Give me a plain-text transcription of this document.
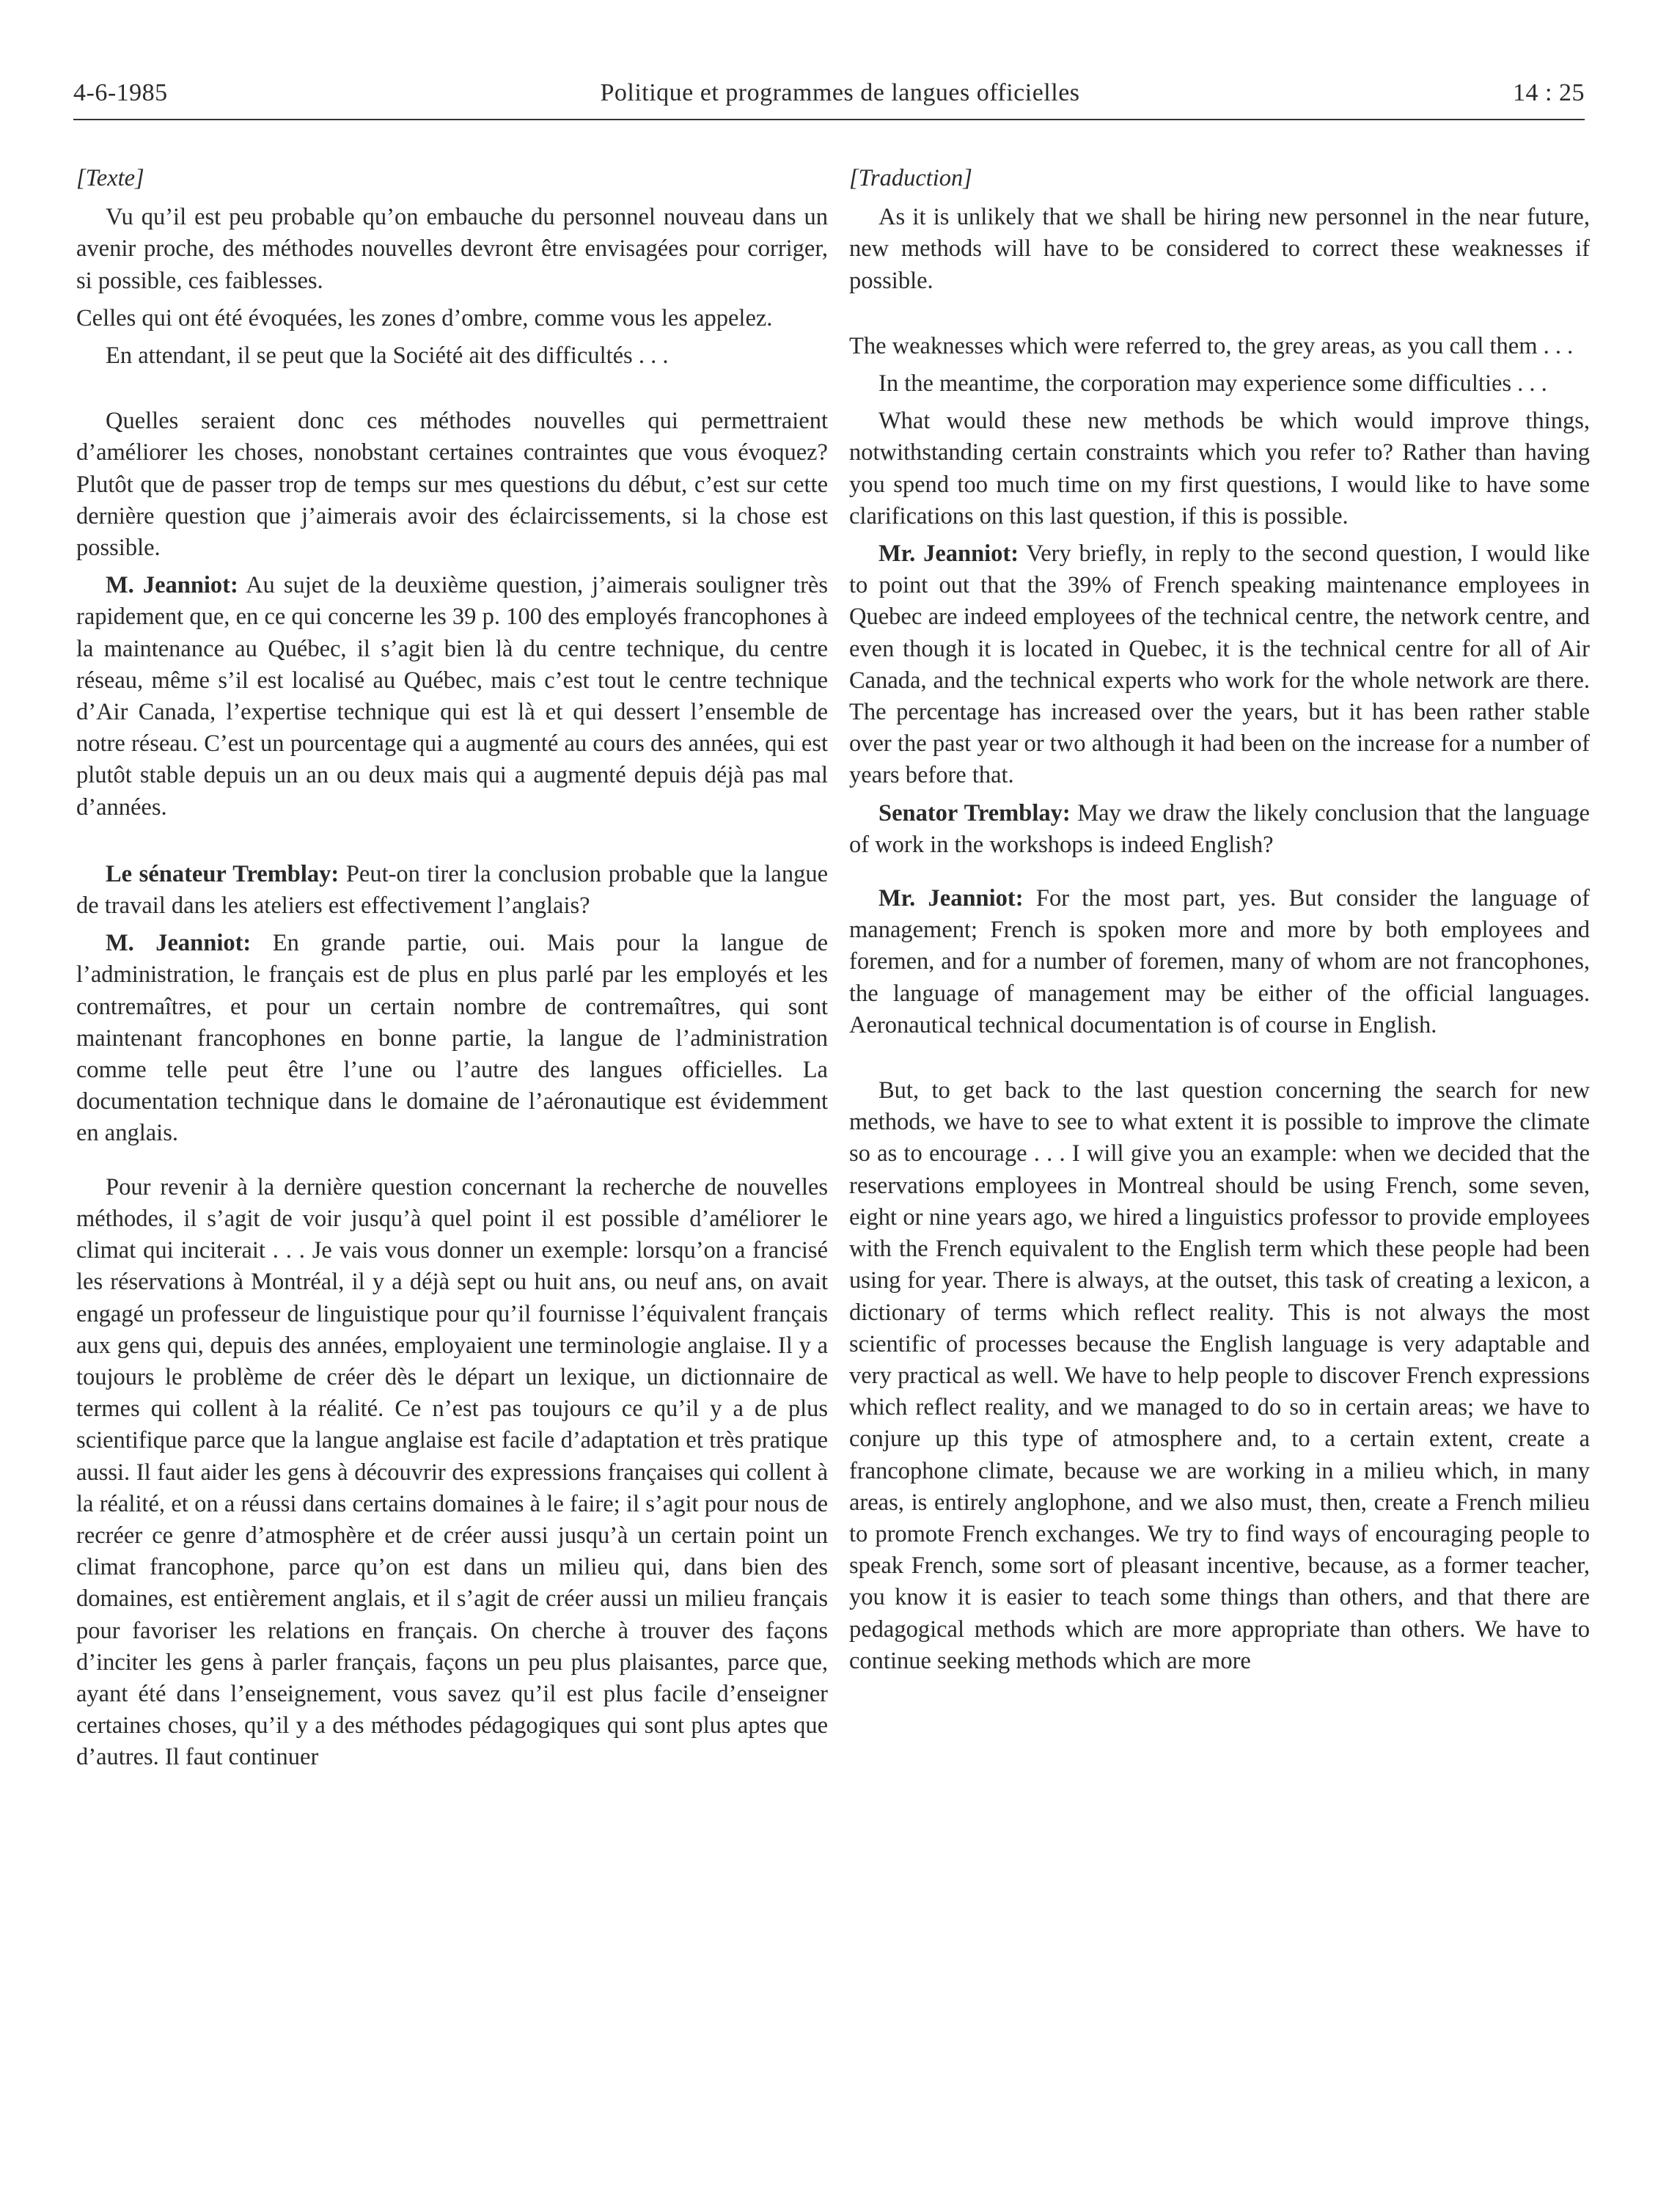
4-6-1985	Politique et programmes de langues officielles	14 : 25

[Texte]

Vu qu’il est peu probable qu’on embauche du personnel nouveau dans un avenir proche, des méthodes nouvelles devront être envisagées pour corriger, si possible, ces faiblesses.

Celles qui ont été évoquées, les zones d’ombre, comme vous les appelez.

En attendant, il se peut que la Société ait des difficultés . . .

Quelles seraient donc ces méthodes nouvelles qui permettraient d’améliorer les choses, nonobstant certaines contraintes que vous évoquez? Plutôt que de passer trop de temps sur mes questions du début, c’est sur cette dernière question que j’aimerais avoir des éclaircissements, si la chose est possible.

M. Jeanniot: Au sujet de la deuxième question, j’aimerais souligner très rapidement que, en ce qui concerne les 39 p. 100 des employés francophones à la maintenance au Québec, il s’agit bien là du centre technique, du centre réseau, même s’il est localisé au Québec, mais c’est tout le centre technique d’Air Canada, l’expertise technique qui est là et qui dessert l’ensemble de notre réseau. C’est un pourcentage qui a augmenté au cours des années, qui est plutôt stable depuis un an ou deux mais qui a augmenté depuis déjà pas mal d’années.

Le sénateur Tremblay: Peut-on tirer la conclusion probable que la langue de travail dans les ateliers est effectivement l’anglais?

M. Jeanniot: En grande partie, oui. Mais pour la langue de l’administration, le français est de plus en plus parlé par les employés et les contremaîtres, et pour un certain nombre de contremaîtres, qui sont maintenant francophones en bonne partie, la langue de l’administration comme telle peut être l’une ou l’autre des langues officielles. La documentation technique dans le domaine de l’aéronautique est évidemment en anglais.

Pour revenir à la dernière question concernant la recherche de nouvelles méthodes, il s’agit de voir jusqu’à quel point il est possible d’améliorer le climat qui inciterait . . . Je vais vous donner un exemple: lorsqu’on a francisé les réservations à Montréal, il y a déjà sept ou huit ans, ou neuf ans, on avait engagé un professeur de linguistique pour qu’il fournisse l’équivalent français aux gens qui, depuis des années, employaient une terminologie anglaise. Il y a toujours le problème de créer dès le départ un lexique, un dictionnaire de termes qui collent à la réalité. Ce n’est pas toujours ce qu’il y a de plus scientifique parce que la langue anglaise est facile d’adaptation et très pratique aussi. Il faut aider les gens à découvrir des expressions françaises qui collent à la réalité, et on a réussi dans certains domaines à le faire; il s’agit pour nous de recréer ce genre d’atmosphère et de créer aussi jusqu’à un certain point un climat francophone, parce qu’on est dans un milieu qui, dans bien des domaines, est entièrement anglais, et il s’agit de créer aussi un milieu français pour favoriser les relations en français. On cherche à trouver des façons d’inciter les gens à parler français, façons un peu plus plaisantes, parce que, ayant été dans l’enseignement, vous savez qu’il est plus facile d’enseigner certaines choses, qu’il y a des méthodes pédagogiques qui sont plus aptes que d’autres. Il faut continuer

[Traduction]

As it is unlikely that we shall be hiring new personnel in the near future, new methods will have to be considered to correct these weaknesses if possible.

The weaknesses which were referred to, the grey areas, as you call them . . .

In the meantime, the corporation may experience some difficulties . . .

What would these new methods be which would improve things, notwithstanding certain constraints which you refer to? Rather than having you spend too much time on my first questions, I would like to have some clarifications on this last question, if this is possible.

Mr. Jeanniot: Very briefly, in reply to the second question, I would like to point out that the 39% of French speaking maintenance employees in Quebec are indeed employees of the technical centre, the network centre, and even though it is located in Quebec, it is the technical centre for all of Air Canada, and the technical experts who work for the whole network are there. The percentage has increased over the years, but it has been rather stable over the past year or two although it had been on the increase for a number of years before that.

Senator Tremblay: May we draw the likely conclusion that the language of work in the workshops is indeed English?

Mr. Jeanniot: For the most part, yes. But consider the language of management; French is spoken more and more by both employees and foremen, and for a number of foremen, many of whom are not francophones, the language of management may be either of the official languages. Aeronautical technical documentation is of course in English.

But, to get back to the last question concerning the search for new methods, we have to see to what extent it is possible to improve the climate so as to encourage . . . I will give you an example: when we decided that the reservations employees in Montreal should be using French, some seven, eight or nine years ago, we hired a linguistics professor to provide employees with the French equivalent to the English term which these people had been using for year. There is always, at the outset, this task of creating a lexicon, a dictionary of terms which reflect reality. This is not always the most scientific of processes because the English language is very adaptable and very practical as well. We have to help people to discover French expressions which reflect reality, and we managed to do so in certain areas; we have to conjure up this type of atmosphere and, to a certain extent, create a francophone climate, because we are working in a milieu which, in many areas, is entirely anglophone, and we also must, then, create a French milieu to promote French exchanges. We try to find ways of encouraging people to speak French, some sort of pleasant incentive, because, as a former teacher, you know it is easier to teach some things than others, and that there are pedagogical methods which are more appropriate than others. We have to continue seeking methods which are more
